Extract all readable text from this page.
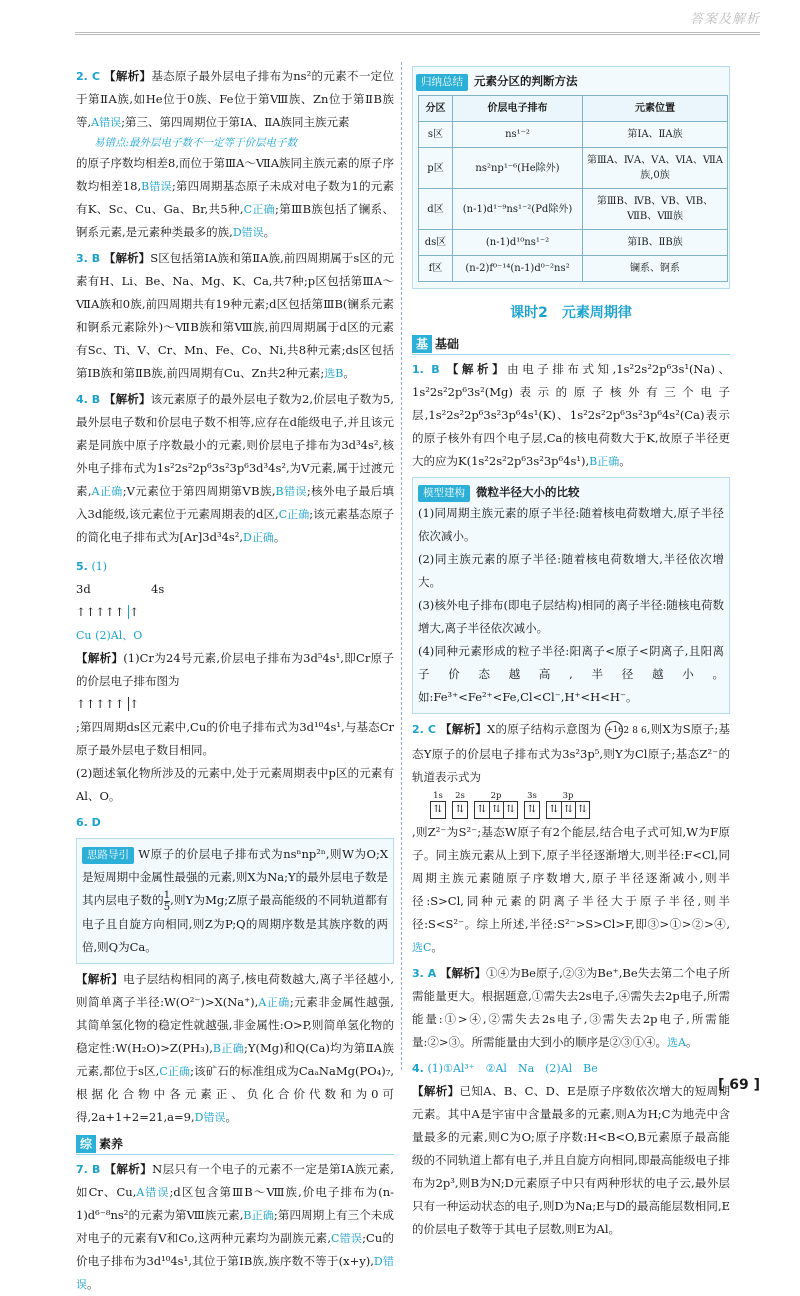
答案及解析

2. C 【解析】基态原子最外层电子排布为ns²的元素不一定位于第ⅡA族,如He位于0族、Fe位于第Ⅷ族、Zn位于第ⅡB族等,A错误;第三、第四周期位于第ⅠA、ⅡA族同主族元素

易错点:最外层电子数不一定等于价层电子数

的原子序数均相差8,而位于第ⅢA～ⅦA族同主族元素的原子序数均相差18,B错误;第四周期基态原子未成对电子数为1的元素有K、Sc、Cu、Ga、Br,共5种,C正确;第ⅢB族包括了镧系、锕系元素,是元素种类最多的族,D错误。

3. B 【解析】S区包括第ⅠA族和第ⅡA族,前四周期属于s区的元素有H、Li、Be、Na、Mg、K、Ca,共7种;p区包括第ⅢA～ⅦA族和0族,前四周期共有19种元素;d区包括第ⅢB(镧系元素和锕系元素除外)～ⅦB族和第Ⅷ族,前四周期属于d区的元素有Sc、Ti、V、Cr、Mn、Fe、Co、Ni,共8种元素;ds区包括第ⅠB族和第ⅡB族,前四周期有Cu、Zn共2种元素;选B。

4. B 【解析】该元素原子的最外层电子数为2,价层电子数为5,最外层电子数和价层电子数不相等,应存在d能级电子,并且该元素是同族中原子序数最小的元素,则价层电子排布为3d³4s²,核外电子排布式为1s²2s²2p⁶3s²3p⁶3d³4s²,为V元素,属于过渡元素,A正确;V元素位于第四周期第ⅤB族,B错误;核外电子最后填入3d能级,该元素位于元素周期表的d区,C正确;该元素基态原子的简化电子排布式为[Ar]3d³4s²,D正确。

5. (1)

3d	4s
↑↑↑↑↑ ↑
Cu (2)Al、O

【解析】(1)Cr为24号元素,价层电子排布为3d⁵4s¹,即Cr原子的价层电子排布图为

↑↑↑↑↑ ↑
;第四周期ds区元素中,Cu的价电子排布式为3d¹⁰4s¹,与基态Cr原子最外层电子数目相同。

(2)题述氧化物所涉及的元素中,处于元素周期表中p区的元素有Al、O。

6. D

思路导引 W原子的价层电子排布式为nsⁿnp²ⁿ,则W为O;X是短周期中金属性最强的元素,则X为Na;Y的最外层电子数是其内层电子数的 $\frac{1}{5}$,则Y为Mg;Z原子最高能级的不同轨道都有电子且自旋方向相同,则Z为P;Q的周期序数是其族序数的两倍,则Q为Ca。

【解析】电子层结构相同的离子,核电荷数越大,离子半径越小,则简单离子半径:W(O²⁻)>X(Na⁺),A正确;元素非金属性越强,其简单氢化物的稳定性就越强,非金属性:O>P,则简单氢化物的稳定性:W(H₂O)>Z(PH₃),B正确;Y(Mg)和Q(Ca)均为第ⅡA族元素,都位于s区,C正确;该矿石的标准组成为CaₐNaMg(PO₄)₇,根据化合物中各元素正、负化合价代数和为0可得,2a+1+2=21,a=9,D错误。

综 素养

7. B 【解析】N层只有一个电子的元素不一定是第ⅠA族元素,如Cr、Cu,A错误;d区包含第ⅢB～Ⅷ族,价电子排布为(n-1)d⁶⁻⁸ns²的元素为第Ⅷ族元素,B正确;第四周期上有三个未成对电子的元素有V和Co,这两种元素均为副族元素,C错误;Cu的价电子排布为3d¹⁰4s¹,其位于第ⅠB族,族序数不等于(x+y),D错误。

归纳总结 元素分区的判断方法
分区	价层电子排布	元素位置
s区	ns¹⁻²	第ⅠA、ⅡA族
p区	ns²np¹⁻⁶(He除外)	第ⅢA、ⅣA、ⅤA、ⅥA、ⅦA族,0族
d区	(n-1)d¹⁻⁹ns¹⁻²(Pd除外)	第ⅢB、ⅣB、ⅤB、ⅥB、ⅦB、Ⅷ族
ds区	(n-1)d¹⁰ns¹⁻²	第ⅠB、ⅡB族
f区	(n-2)f⁰⁻¹⁴(n-1)d⁰⁻²ns²	镧系、锕系
课时2　元素周期律
基 基础

1. B 【解析】由电子排布式知,1s²2s²2p⁶3s¹(Na)、1s²2s²2p⁶3s²(Mg)表示的原子核外有三个电子层,1s²2s²2p⁶3s²3p⁶4s¹(K)、1s²2s²2p⁶3s²3p⁶4s²(Ca)表示的原子核外有四个电子层,Ca的核电荷数大于K,故原子半径更大的应为K(1s²2s²2p⁶3s²3p⁶4s¹),B正确。

模型建构 微粒半径大小的比较

(1)同周期主族元素的原子半径:随着核电荷数增大,原子半径依次减小。

(2)同主族元素的原子半径:随着核电荷数增大,半径依次增大。

(3)核外电子排布(即电子层结构)相同的离子半径:随核电荷数增大,离子半径依次减小。

(4)同种元素形成的粒子半径:阳离子<原子<阴离子,且阳离子价态越高,半径越小。如:Fe³⁺<Fe²⁺<Fe,Cl<Cl⁻,H⁺<H<H⁻。

2. C 【解析】X的原子结构示意图为 +162 8 6,则X为S原子;基态Y原子的价层电子排布式为3s²3p⁵,则Y为Cl原子;基态Z²⁻的轨道表示式为

1s
⇅
2s
⇅
2p
⇅ ⇅ ⇅
3s
⇅
3p
⇅ ⇅ ⇅

,则Z²⁻为S²⁻;基态W原子有2个能层,结合电子式可知,W为F原子。同主族元素从上到下,原子半径逐渐增大,则半径:F<Cl,同周期主族元素随原子序数增大,原子半径逐渐减小,则半径:S>Cl,同种元素的阴离子半径大于原子半径,则半径:S<S²⁻。综上所述,半径:S²⁻>S>Cl>F,即③>①>②>④,选C。

3. A 【解析】①④为Be原子,②③为Be⁺,Be失去第二个电子所需能量更大。根据题意,①需失去2s电子,④需失去2p电子,所需能量:①>④,②需失去2s电子,③需失去2p电子,所需能量:②>③。所需能量由大到小的顺序是②③①④。选A。

4. (1)①Al³⁺　②Al　Na　(2)Al　Be

【解析】已知A、B、C、D、E是原子序数依次增大的短周期元素。其中A是宇宙中含量最多的元素,则A为H;C为地壳中含量最多的元素,则C为O;原子序数:H<B<O,B元素原子最高能级的不同轨道上都有电子,并且自旋方向相同,即最高能级电子排布为2p³,则B为N;D元素原子中只有两种形状的电子云,最外层只有一种运动状态的电子,则D为Na;E与D的最高能层数相同,E的价层电子数等于其电子层数,则E为Al。

[ 69 ]
